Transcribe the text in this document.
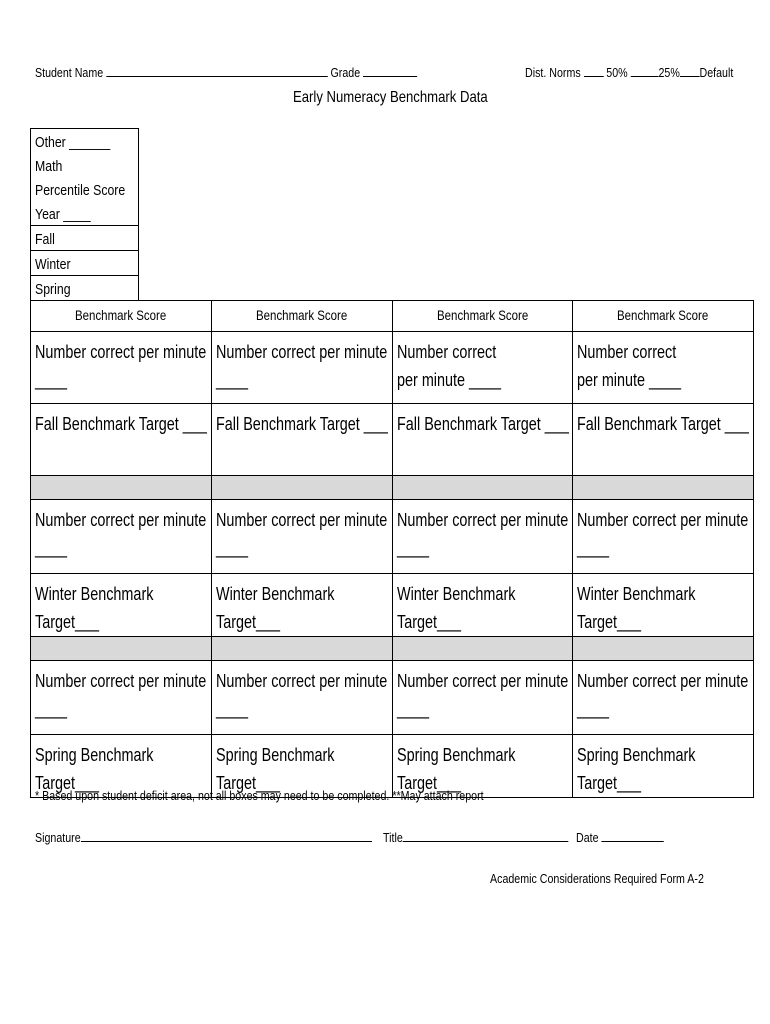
Student Name	Grade	Dist. Norms 50% 25% Default
Early Numeracy Benchmark Data
Other ______
Math
Percentile Score
Year ____
Fall
Winter
Spring
Benchmark Score	Benchmark Score	Benchmark Score	Benchmark Score

Number correct per minute ____	Number correct per minute ____	Number correct per minute ____	Number correct per minute ____

Fall Benchmark Target ___	Fall Benchmark Target ___	Fall Benchmark Target ___	Fall Benchmark Target ___

Number correct per minute ____	Number correct per minute ____	Number correct per minute ____	Number correct per minute ____

Winter Benchmark Target___	Winter Benchmark Target___	Winter Benchmark Target___	Winter Benchmark Target___

Number correct per minute ____	Number correct per minute ____	Number correct per minute ____	Number correct per minute ____

Spring Benchmark Target___	Spring Benchmark Target___	Spring Benchmark Target___	Spring Benchmark Target___
* Based upon student deficit area, not all boxes may need to be completed. **May attach report
Signature	Title	Date
Academic Considerations Required Form A-2
